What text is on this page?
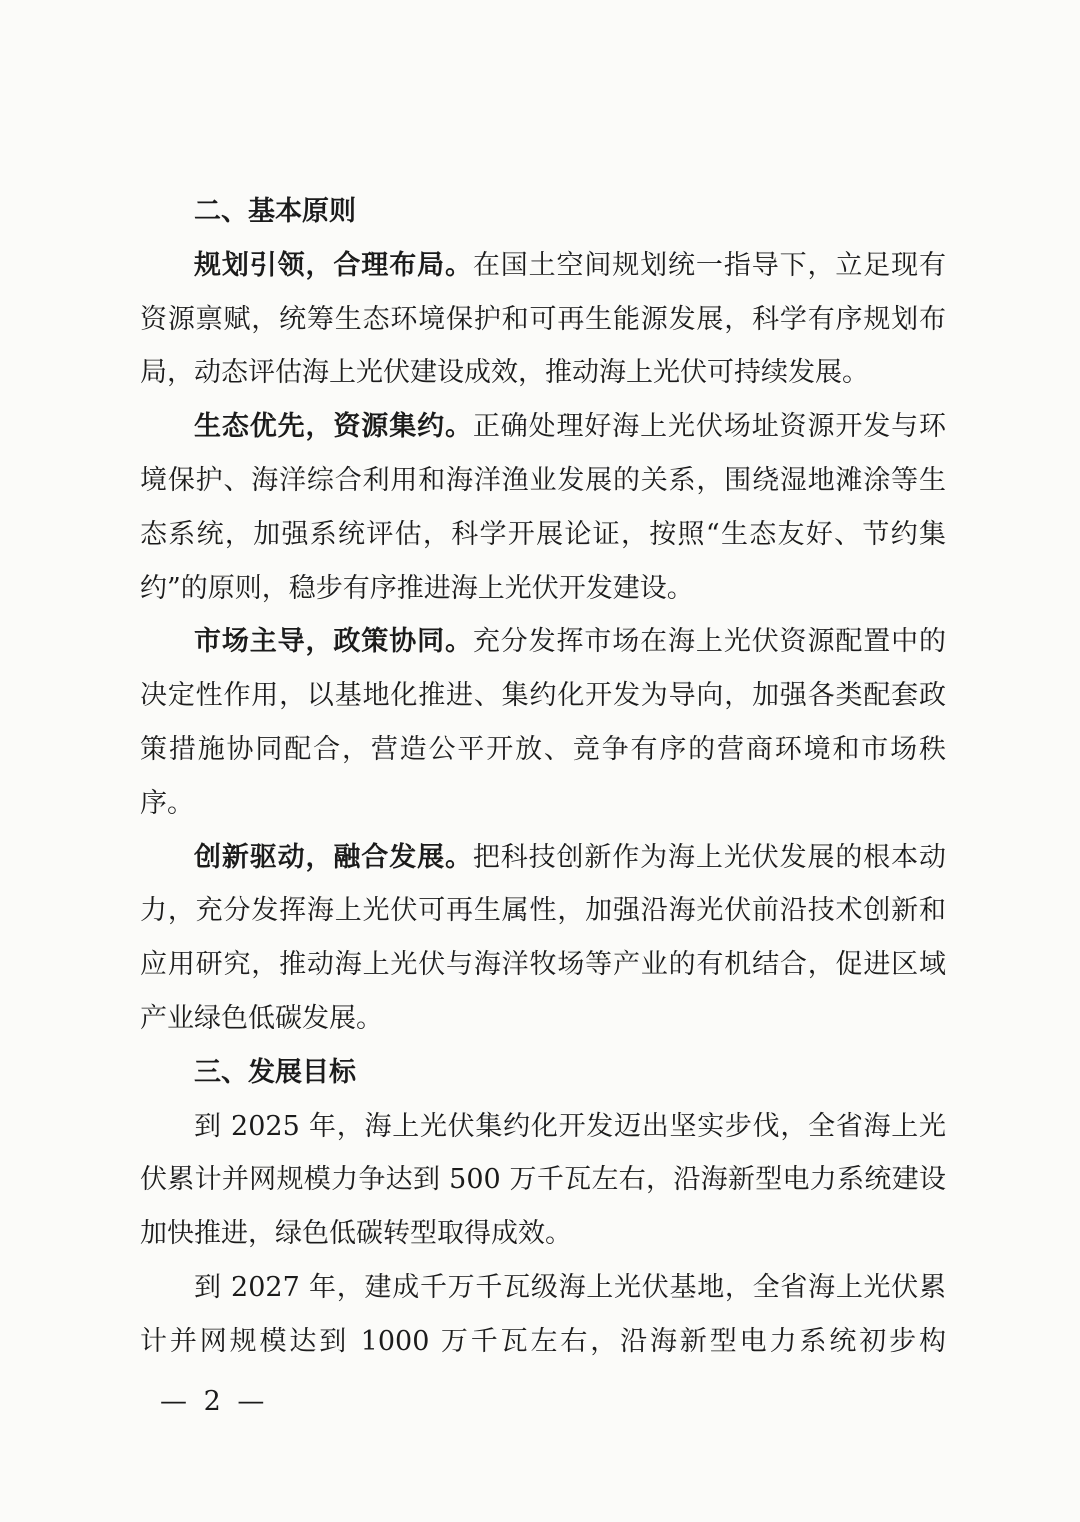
二、基本原则

规划引领，合理布局。在国土空间规划统一指导下，立足现有资源禀赋，统筹生态环境保护和可再生能源发展，科学有序规划布局，动态评估海上光伏建设成效，推动海上光伏可持续发展。

生态优先，资源集约。正确处理好海上光伏场址资源开发与环境保护、海洋综合利用和海洋渔业发展的关系，围绕湿地滩涂等生态系统，加强系统评估，科学开展论证，按照“生态友好、节约集约”的原则，稳步有序推进海上光伏开发建设。

市场主导，政策协同。充分发挥市场在海上光伏资源配置中的决定性作用，以基地化推进、集约化开发为导向，加强各类配套政策措施协同配合，营造公平开放、竞争有序的营商环境和市场秩序。

创新驱动，融合发展。把科技创新作为海上光伏发展的根本动力，充分发挥海上光伏可再生属性，加强沿海光伏前沿技术创新和应用研究，推动海上光伏与海洋牧场等产业的有机结合，促进区域产业绿色低碳发展。

三、发展目标

到 2025 年，海上光伏集约化开发迈出坚实步伐，全省海上光伏累计并网规模力争达到 500 万千瓦左右，沿海新型电力系统建设加快推进，绿色低碳转型取得成效。

到 2027 年，建成千万千瓦级海上光伏基地，全省海上光伏累计并网规模达到 1000 万千瓦左右，沿海新型电力系统初步构

— 2 —
